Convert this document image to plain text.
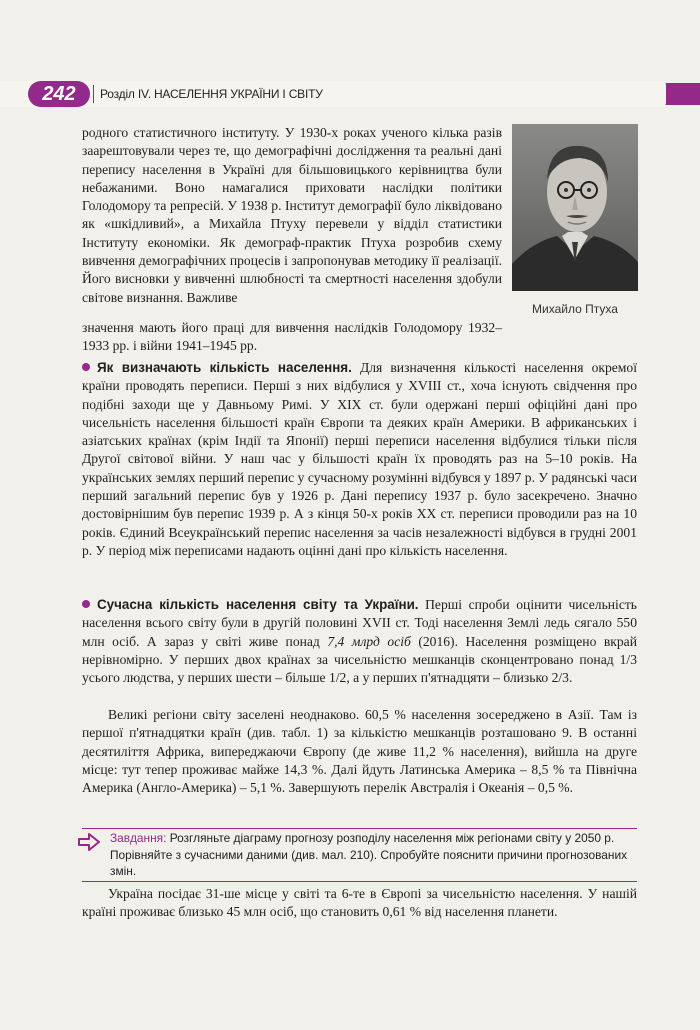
242	Розділ IV. НАСЕЛЕННЯ УКРАЇНИ І СВІТУ

родного статистичного інституту. У 1930-х роках ученого кілька разів заарештовували через те, що демографічні дослідження та реальні дані перепису населення в Україні для більшовицького керівництва були небажаними. Воно намагалися приховати наслідки політики Голодомору та репресій. У 1938 р. Інститут демографії було ліквідовано як «шкідливий», а Михайла Птуху перевели у відділ статистики Інституту економіки. Як демограф-практик Птуха розробив схему вивчення демографічних процесів і запропонував методику її реалізації. Його висновки у вивченні шлюбності та смертності населення здобули світове визнання. Важливе

Михайло Птуха

значення мають його праці для вивчення наслідків Голодомору 1932–1933 рр. і війни 1941–1945 рр.

Як визначають кількість населення. Для визначення кількості населення окремої країни проводять переписи. Перші з них відбулися у XVIII ст., хоча існують свідчення про подібні заходи ще у Давньому Римі. У XIX ст. були одержані перші офіційні дані про чисельність населення більшості країн Європи та деяких країн Америки. В африканських і азіатських країнах (крім Індії та Японії) перші переписи населення відбулися тільки після Другої світової війни. У наш час у більшості країн їх проводять раз на 5–10 років. На українських землях перший перепис у сучасному розумінні відбувся у 1897 р. У радянські часи перший загальний перепис був у 1926 р. Дані перепису 1937 р. було засекречено. Значно достовірнішим був перепис 1939 р. А з кінця 50-х років XX ст. переписи проводили раз на 10 років. Єдиний Всеукраїнський перепис населення за часів незалежності відбувся в грудні 2001 р. У період між переписами надають оцінні дані про кількість населення.

Сучасна кількість населення світу та України. Перші спроби оцінити чисельність населення всього світу були в другій половині XVII ст. Тоді населення Землі ледь сягало 550 млн осіб. А зараз у світі живе понад 7,4 млрд осіб (2016). Населення розміщено вкрай нерівномірно. У перших двох країнах за чисельністю мешканців сконцентровано понад 1/3 усього людства, у перших шести – більше 1/2, а у перших п'ятнадцяти – близько 2/3.

Великі регіони світу заселені неоднаково. 60,5 % населення зосереджено в Азії. Там із першої п'ятнадцятки країн (див. табл. 1) за кількістю мешканців розташовано 9. В останні десятиліття Африка, випереджаючи Європу (де живе 11,2 % населення), вийшла на друге місце: тут тепер проживає майже 14,3 %. Далі йдуть Латинська Америка – 8,5 % та Північна Америка (Англо-Америка) – 5,1 %. Завершують перелік Австралія і Океанія – 0,5 %.

Завдання: Розгляньте діаграму прогнозу розподілу населення між регіонами світу у 2050 р. Порівняйте з сучасними даними (див. мал. 210). Спробуйте пояснити причини прогнозованих змін.

Україна посідає 31-ше місце у світі та 6-те в Європі за чисельністю населення. У нашій країні проживає близько 45 млн осіб, що становить 0,61 % від населення планети.
